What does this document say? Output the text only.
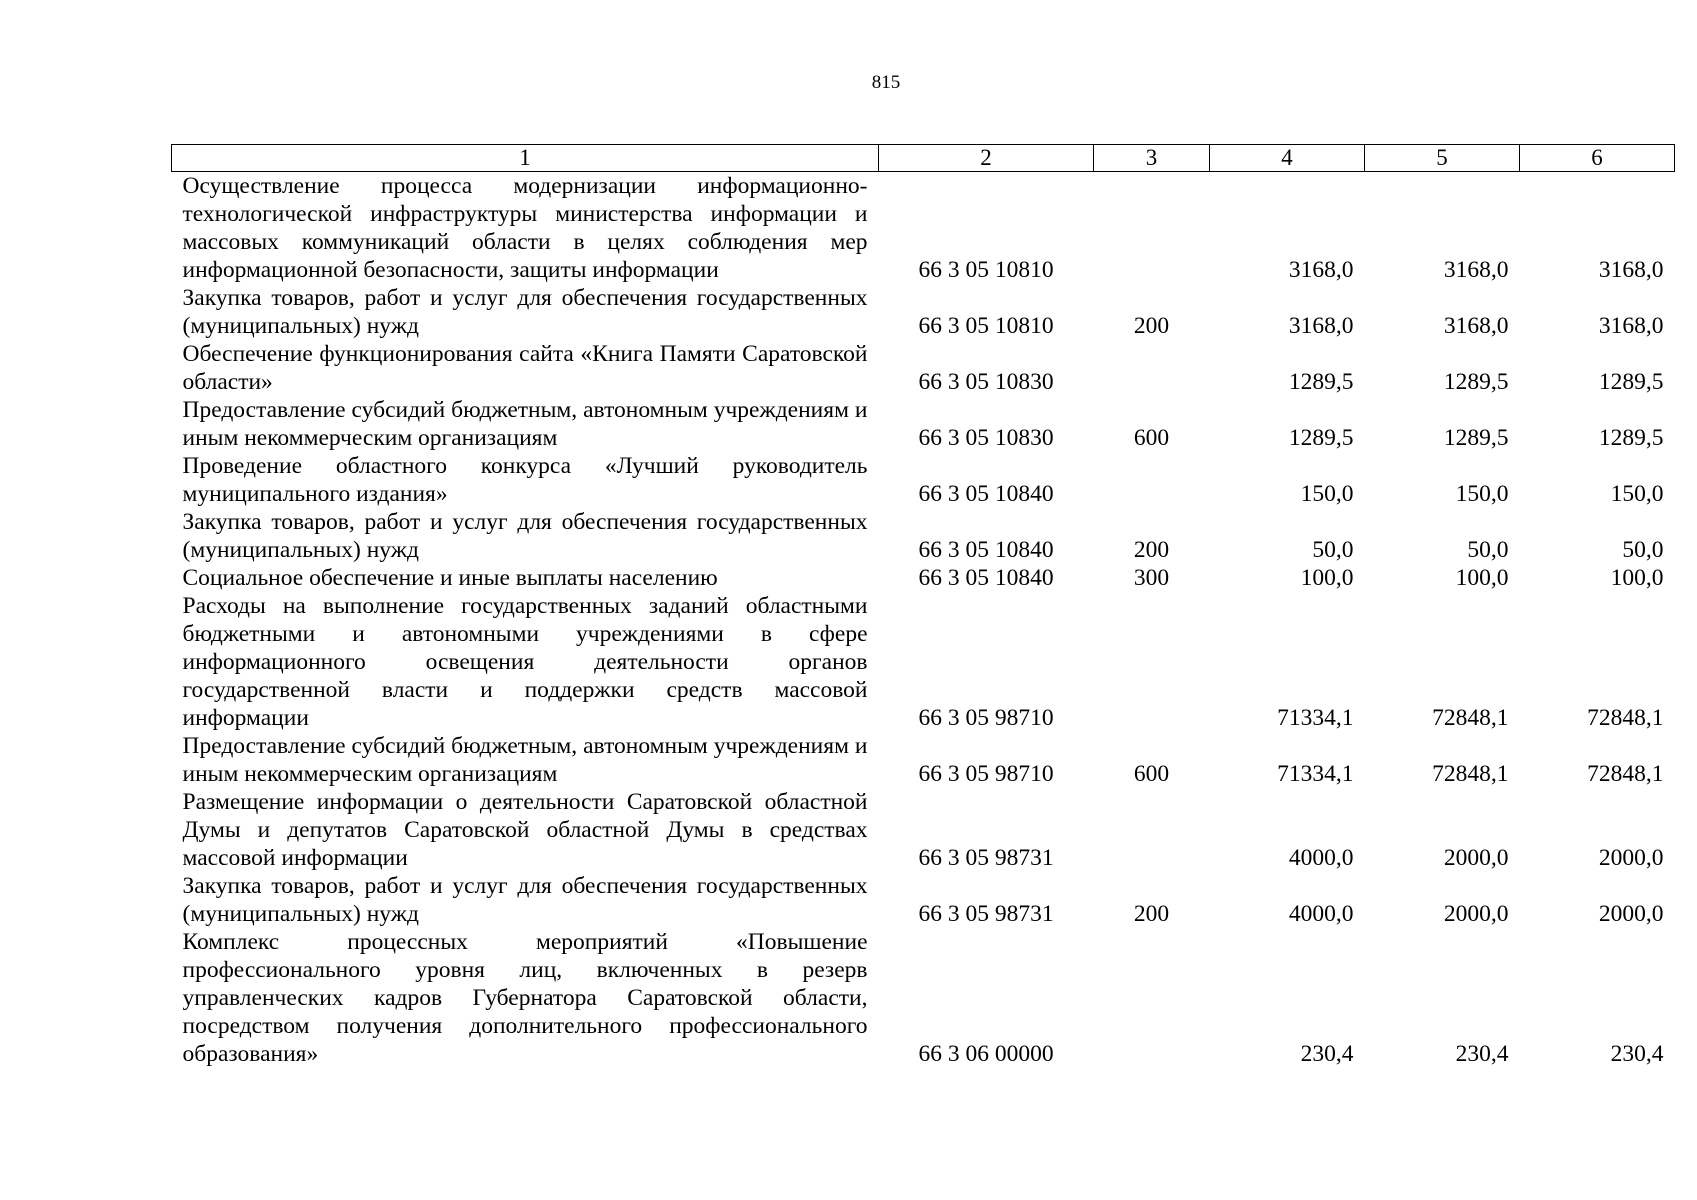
815
1	2	3	4	5	6
Осуществление процесса модернизации информационно-технологической инфраструктуры министерства информации и массовых коммуникаций области в целях соблюдения мер информационной безопасности, защиты информации	66 3 05 10810		3168,0	3168,0	3168,0
Закупка товаров, работ и услуг для обеспечения государственных (муниципальных) нужд	66 3 05 10810	200	3168,0	3168,0	3168,0
Обеспечение функционирования сайта «Книга Памяти Саратовской области»	66 3 05 10830		1289,5	1289,5	1289,5
Предоставление субсидий бюджетным, автономным учреждениям и иным некоммерческим организациям	66 3 05 10830	600	1289,5	1289,5	1289,5
Проведение областного конкурса «Лучший руководитель муниципального издания»	66 3 05 10840		150,0	150,0	150,0
Закупка товаров, работ и услуг для обеспечения государственных (муниципальных) нужд	66 3 05 10840	200	50,0	50,0	50,0
Социальное обеспечение и иные выплаты населению	66 3 05 10840	300	100,0	100,0	100,0
Расходы на выполнение государственных заданий областными бюджетными и автономными учреждениями в сфере информационного освещения деятельности органов государственной власти и поддержки средств массовой информации	66 3 05 98710		71334,1	72848,1	72848,1
Предоставление субсидий бюджетным, автономным учреждениям и иным некоммерческим организациям	66 3 05 98710	600	71334,1	72848,1	72848,1
Размещение информации о деятельности Саратовской областной Думы и депутатов Саратовской областной Думы в средствах массовой информации	66 3 05 98731		4000,0	2000,0	2000,0
Закупка товаров, работ и услуг для обеспечения государственных (муниципальных) нужд	66 3 05 98731	200	4000,0	2000,0	2000,0
Комплекс процессных мероприятий «Повышение профессионального уровня лиц, включенных в резерв управленческих кадров Губернатора Саратовской области, посредством получения дополнительного профессионального образования»	66 3 06 00000		230,4	230,4	230,4
